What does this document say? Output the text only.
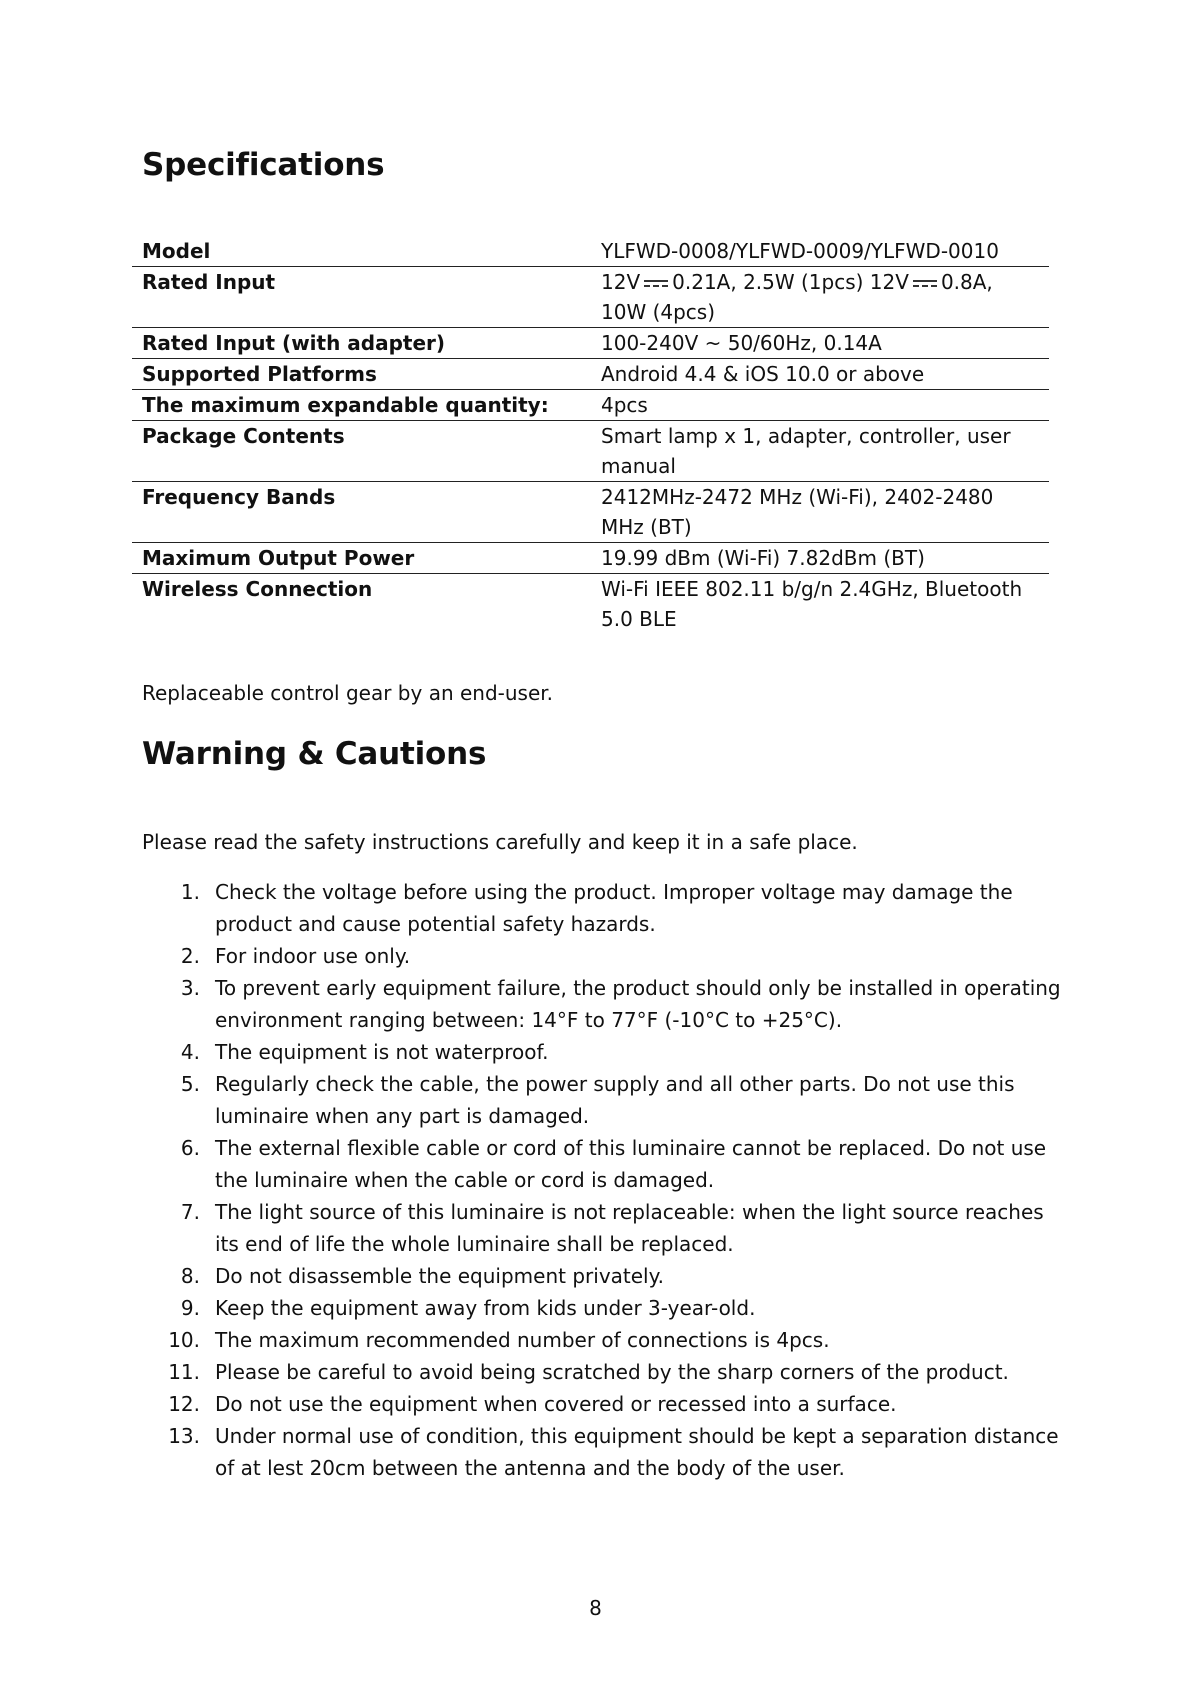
Specifications
Model	YLFWD-0008/YLFWD-0009/YLFWD-0010
Rated Input	12V 0.21A, 2.5W (1pcs) 12V 0.8A,
10W (4pcs)
Rated Input (with adapter)	100-240V ~ 50/60Hz, 0.14A
Supported Platforms	Android 4.4 & iOS 10.0 or above
The maximum expandable quantity:	4pcs
Package Contents	Smart lamp x 1, adapter, controller, user manual
Frequency Bands	2412MHz-2472 MHz (Wi-Fi), 2402-2480 MHz (BT)
Maximum Output Power	19.99 dBm (Wi-Fi) 7.82dBm (BT)
Wireless Connection	Wi-Fi IEEE 802.11 b/g/n 2.4GHz, Bluetooth 5.0 BLE

Replaceable control gear by an end-user.

Warning & Cautions

Please read the safety instructions carefully and keep it in a safe place.

1. Check the voltage before using the product. Improper voltage may damage the product and cause potential safety hazards.
2. For indoor use only.
3. To prevent early equipment failure, the product should only be installed in operating environment ranging between: 14°F to 77°F (-10°C to +25°C).
4. The equipment is not waterproof.
5. Regularly check the cable, the power supply and all other parts. Do not use this luminaire when any part is damaged.
6. The external flexible cable or cord of this luminaire cannot be replaced. Do not use the luminaire when the cable or cord is damaged.
7. The light source of this luminaire is not replaceable: when the light source reaches its end of life the whole luminaire shall be replaced.
8. Do not disassemble the equipment privately.
9. Keep the equipment away from kids under 3-year-old.
10. The maximum recommended number of connections is 4pcs.
11. Please be careful to avoid being scratched by the sharp corners of the product.
12. Do not use the equipment when covered or recessed into a surface.
13. Under normal use of condition, this equipment should be kept a separation distance of at lest 20cm between the antenna and the body of the user.
8
